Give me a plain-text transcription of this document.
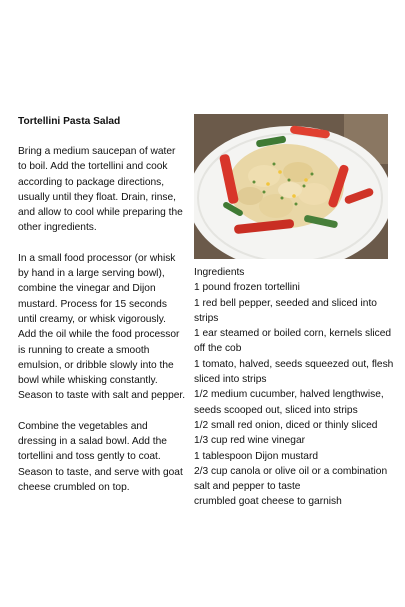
Tortellini Pasta Salad

Bring a medium saucepan of water to boil. Add the tortellini and cook according to package directions, usually until they float. Drain, rinse, and allow to cool while preparing the other ingredients.

In a small food processor (or whisk by hand in a large serving bowl), combine the vinegar and Dijon mustard. Process for 15 seconds until creamy, or whisk vigorously. Add the oil while the food processor is running to create a smooth emulsion, or dribble slowly into the bowl while whisking constantly. Season to taste with salt and pepper.

Combine the vegetables and dressing in a salad bowl. Add the tortellini and toss gently to coat. Season to taste, and serve with goat cheese crumbled on top.

Ingredients
1 pound frozen tortellini
1 red bell pepper, seeded and sliced into strips
1 ear steamed or boiled corn, kernels sliced off the cob
1 tomato, halved, seeds squeezed out, flesh sliced into strips
1/2 medium cucumber, halved lengthwise, seeds scooped out, sliced into strips
1/2 small red onion, diced or thinly sliced
1/3 cup red wine vinegar
1 tablespoon Dijon mustard
2/3 cup canola or olive oil or a combination
salt and pepper to taste
crumbled goat cheese to garnish
